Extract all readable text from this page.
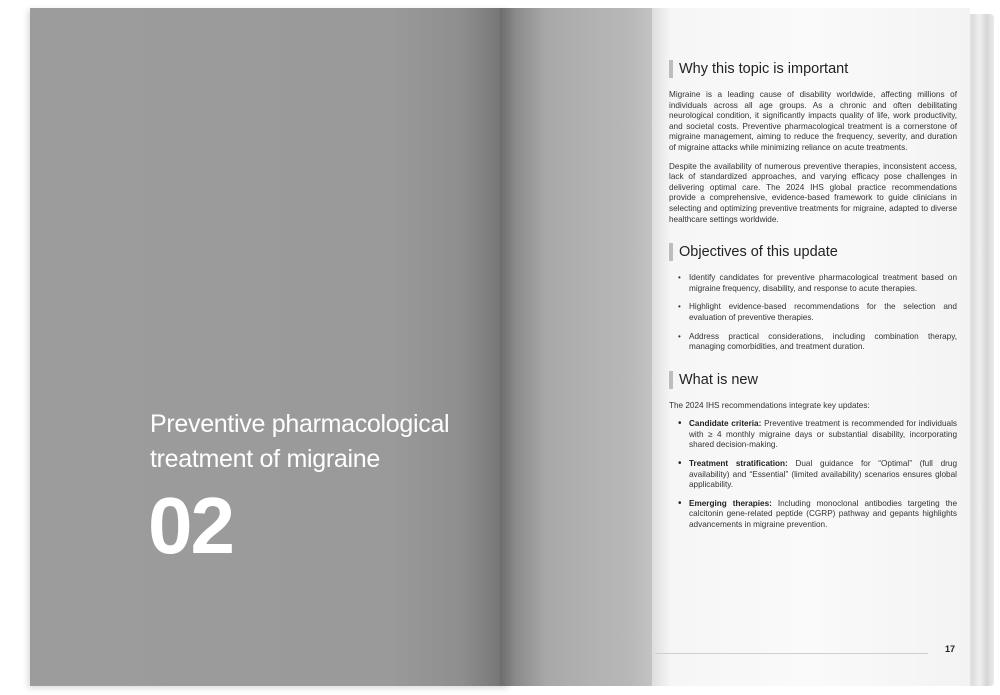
Preventive pharmacological treatment of migraine
02
Why this topic is important

Migraine is a leading cause of disability worldwide, affecting millions of individuals across all age groups. As a chronic and often debilitating neurological condition, it significantly impacts quality of life, work productivity, and societal costs. Preventive pharmacological treatment is a cornerstone of migraine management, aiming to reduce the frequency, severity, and duration of migraine attacks while minimizing reliance on acute treatments.

Despite the availability of numerous preventive therapies, inconsistent access, lack of standardized approaches, and varying efficacy pose challenges in delivering optimal care. The 2024 IHS global practice recommendations provide a comprehensive, evidence-based framework to guide clinicians in selecting and optimizing preventive treatments for migraine, adapted to diverse healthcare settings worldwide.

Objectives of this update
• Identify candidates for preventive pharmacological treatment based on migraine frequency, disability, and response to acute therapies.
• Highlight evidence-based recommendations for the selection and evaluation of preventive therapies.
• Address practical considerations, including combination therapy, managing comorbidities, and treatment duration.
What is new

The 2024 IHS recommendations integrate key updates:

• Candidate criteria: Preventive treatment is recommended for individuals with ≥ 4 monthly migraine days or substantial disability, incorporating shared decision-making.
• Treatment stratification: Dual guidance for “Optimal” (full drug availability) and “Essential” (limited availability) scenarios ensures global applicability.
• Emerging therapies: Including monoclonal antibodies targeting the calcitonin gene-related peptide (CGRP) pathway and gepants highlights advancements in migraine prevention.
17
